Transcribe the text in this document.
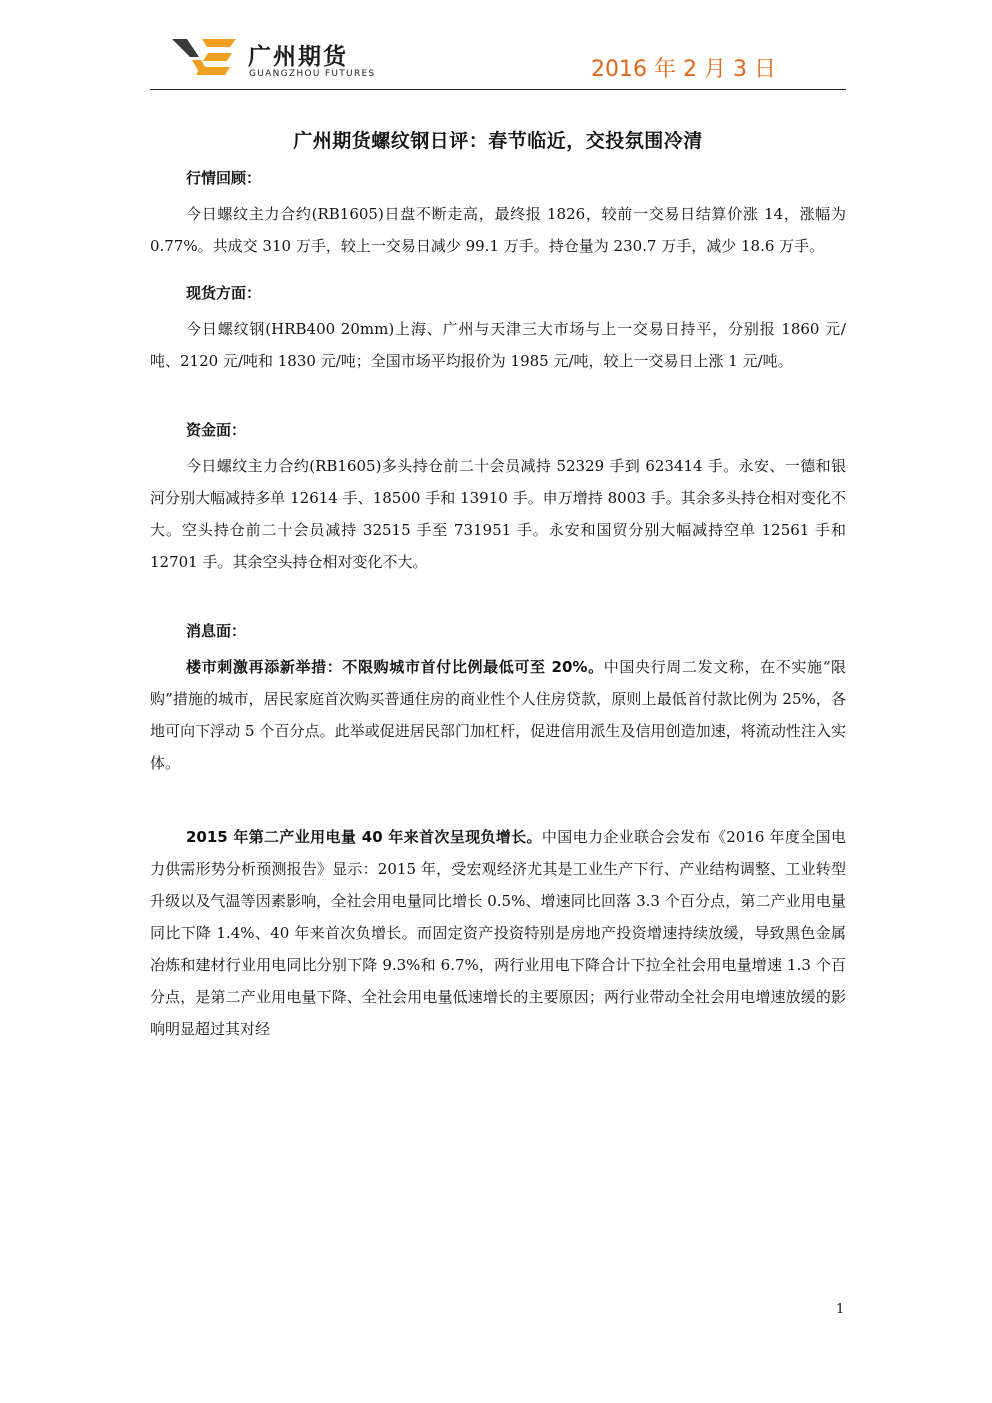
广州期货
GUANGZHOU FUTURES	2016 年 2 月 3 日
广州期货螺纹钢日评：春节临近，交投氛围冷清
行情回顾：

今日螺纹主力合约(RB1605)日盘不断走高，最终报 1826，较前一交易日结算价涨 14，涨幅为 0.77%。共成交 310 万手，较上一交易日减少 99.1 万手。持仓量为 230.7 万手，减少 18.6 万手。

现货方面：

今日螺纹钢(HRB400 20mm)上海、广州与天津三大市场与上一交易日持平，分别报 1860 元/吨、2120 元/吨和 1830 元/吨；全国市场平均报价为 1985 元/吨，较上一交易日上涨 1 元/吨。

资金面：

今日螺纹主力合约(RB1605)多头持仓前二十会员减持 52329 手到 623414 手。永安、一德和银河分别大幅减持多单 12614 手、18500 手和 13910 手。申万增持 8003 手。其余多头持仓相对变化不大。空头持仓前二十会员减持 32515 手至 731951 手。永安和国贸分别大幅减持空单 12561 手和 12701 手。其余空头持仓相对变化不大。

消息面：

楼市刺激再添新举措：不限购城市首付比例最低可至 20%。中国央行周二发文称，在不实施“限购”措施的城市，居民家庭首次购买普通住房的商业性个人住房贷款，原则上最低首付款比例为 25%，各地可向下浮动 5 个百分点。此举或促进居民部门加杠杆，促进信用派生及信用创造加速，将流动性注入实体。

2015 年第二产业用电量 40 年来首次呈现负增长。中国电力企业联合会发布《2016 年度全国电力供需形势分析预测报告》显示：2015 年，受宏观经济尤其是工业生产下行、产业结构调整、工业转型升级以及气温等因素影响，全社会用电量同比增长 0.5%、增速同比回落 3.3 个百分点，第二产业用电量同比下降 1.4%、40 年来首次负增长。而固定资产投资特别是房地产投资增速持续放缓，导致黑色金属冶炼和建材行业用电同比分别下降 9.3%和 6.7%，两行业用电下降合计下拉全社会用电量增速 1.3 个百分点，是第二产业用电量下降、全社会用电量低速增长的主要原因；两行业带动全社会用电增速放缓的影响明显超过其对经

1
